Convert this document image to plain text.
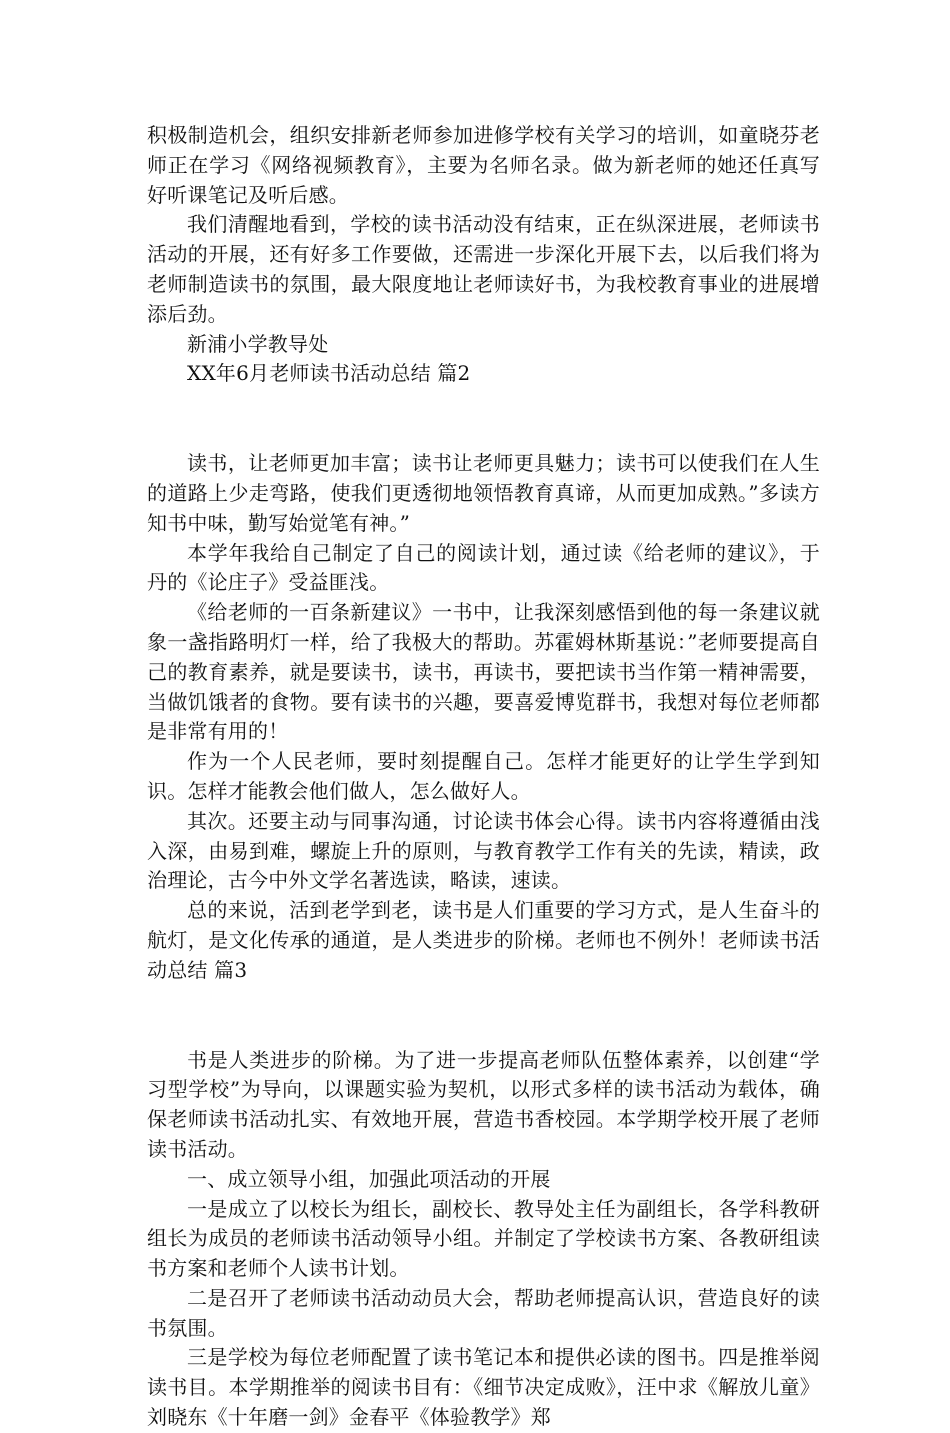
积极制造机会，组织安排新老师参加进修学校有关学习的培训，如童晓芬老师正在学习《网络视频教育》，主要为名师名录。做为新老师的她还任真写好听课笔记及听后感。

我们清醒地看到，学校的读书活动没有结束，正在纵深进展，老师读书活动的开展，还有好多工作要做，还需进一步深化开展下去，以后我们将为老师制造读书的氛围，最大限度地让老师读好书，为我校教育事业的进展增添后劲。

新浦小学教导处

XX年6月老师读书活动总结 篇2

读书，让老师更加丰富；读书让老师更具魅力；读书可以使我们在人生的道路上少走弯路，使我们更透彻地领悟教育真谛，从而更加成熟。”多读方知书中味，勤写始觉笔有神。”

本学年我给自己制定了自己的阅读计划，通过读《给老师的建议》，于丹的《论庄子》受益匪浅。

《给老师的一百条新建议》一书中，让我深刻感悟到他的每一条建议就象一盏指路明灯一样，给了我极大的帮助。苏霍姆林斯基说：”老师要提高自己的教育素养，就是要读书，读书，再读书，要把读书当作第一精神需要，当做饥饿者的食物。要有读书的兴趣，要喜爱博览群书，我想对每位老师都是非常有用的！

作为一个人民老师，要时刻提醒自己。怎样才能更好的让学生学到知识。怎样才能教会他们做人，怎么做好人。

其次。还要主动与同事沟通，讨论读书体会心得。读书内容将遵循由浅入深，由易到难，螺旋上升的原则，与教育教学工作有关的先读，精读，政治理论，古今中外文学名著选读，略读，速读。

总的来说，活到老学到老，读书是人们重要的学习方式，是人生奋斗的航灯，是文化传承的通道，是人类进步的阶梯。老师也不例外！老师读书活动总结 篇3

书是人类进步的阶梯。为了进一步提高老师队伍整体素养，以创建“学习型学校”为导向，以课题实验为契机，以形式多样的读书活动为载体，确保老师读书活动扎实、有效地开展，营造书香校园。本学期学校开展了老师读书活动。

一、成立领导小组，加强此项活动的开展

一是成立了以校长为组长，副校长、教导处主任为副组长，各学科教研组长为成员的老师读书活动领导小组。并制定了学校读书方案、各教研组读书方案和老师个人读书计划。

二是召开了老师读书活动动员大会，帮助老师提高认识，营造良好的读书氛围。

三是学校为每位老师配置了读书笔记本和提供必读的图书。四是推举阅读书目。本学期推举的阅读书目有：《细节决定成败》，汪中求《解放儿童》刘晓东《十年磨一剑》金春平《体验教学》郑
